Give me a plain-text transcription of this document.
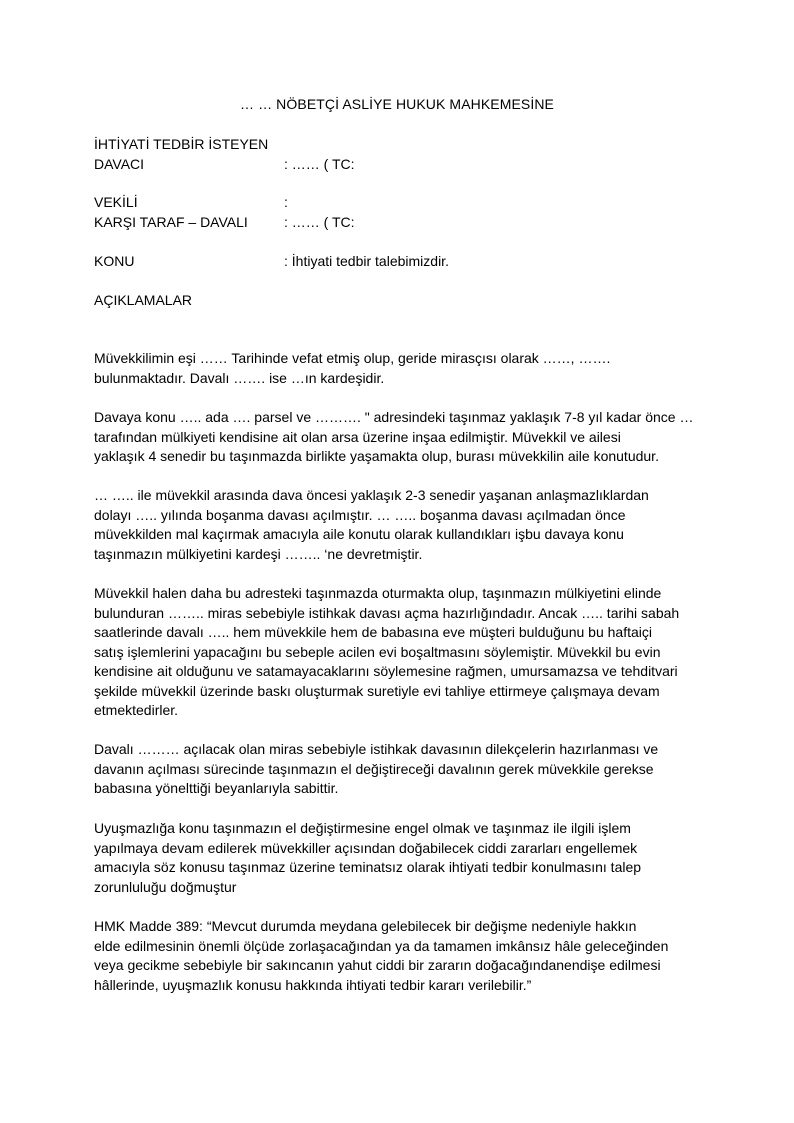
… … NÖBETÇİ ASLİYE HUKUK MAHKEMESİNE
İHTİYATİ TEDBİR İSTEYEN
DAVACI	: …… ( TC:
VEKİLİ	:
KARŞI TARAF – DAVALI	: …… ( TC:
KONU	: İhtiyati tedbir talebimizdir.
AÇIKLAMALAR
Müvekkilimin eşi …… Tarihinde vefat etmiş olup, geride mirasçısı olarak ……, …….
bulunmaktadır. Davalı ……. ise …ın kardeşidir.
Davaya konu ….. ada …. parsel ve ………. " adresindeki taşınmaz yaklaşık 7-8 yıl kadar önce …
tarafından mülkiyeti kendisine ait olan arsa üzerine inşaa edilmiştir. Müvekkil ve ailesi
yaklaşık 4 senedir bu taşınmazda birlikte yaşamakta olup, burası müvekkilin aile konutudur.
… ….. ile müvekkil arasında dava öncesi yaklaşık 2-3 senedir yaşanan anlaşmazlıklardan
dolayı ….. yılında boşanma davası açılmıştır. … ….. boşanma davası açılmadan önce
müvekkilden mal kaçırmak amacıyla aile konutu olarak kullandıkları işbu davaya konu
taşınmazın mülkiyetini kardeşi …….. ‘ne devretmiştir.
Müvekkil halen daha bu adresteki taşınmazda oturmakta olup, taşınmazın mülkiyetini elinde
bulunduran …….. miras sebebiyle istihkak davası açma hazırlığındadır. Ancak ….. tarihi sabah
saatlerinde davalı ….. hem müvekkile hem de babasına eve müşteri bulduğunu bu haftaiçi
satış işlemlerini yapacağını bu sebeple acilen evi boşaltmasını söylemiştir. Müvekkil bu evin
kendisine ait olduğunu ve satamayacaklarını söylemesine rağmen, umursamazsa ve tehditvari
şekilde müvekkil üzerinde baskı oluşturmak suretiyle evi tahliye ettirmeye çalışmaya devam
etmektedirler.
Davalı ……… açılacak olan miras sebebiyle istihkak davasının dilekçelerin hazırlanması ve
davanın açılması sürecinde taşınmazın el değiştireceği davalının gerek müvekkile gerekse
babasına yönelttiği beyanlarıyla sabittir.
Uyuşmazlığa konu taşınmazın el değiştirmesine engel olmak ve taşınmaz ile ilgili işlem
yapılmaya devam edilerek müvekkiller açısından doğabilecek ciddi zararları engellemek
amacıyla söz konusu taşınmaz üzerine teminatsız olarak ihtiyati tedbir konulmasını talep
zorunluluğu doğmuştur
HMK Madde 389: “Mevcut durumda meydana gelebilecek bir değişme nedeniyle hakkın
elde edilmesinin önemli ölçüde zorlaşacağından ya da tamamen imkânsız hâle geleceğinden
veya gecikme sebebiyle bir sakıncanın yahut ciddi bir zararın doğacağındanendişe edilmesi
hâllerinde, uyuşmazlık konusu hakkında ihtiyati tedbir kararı verilebilir.”
